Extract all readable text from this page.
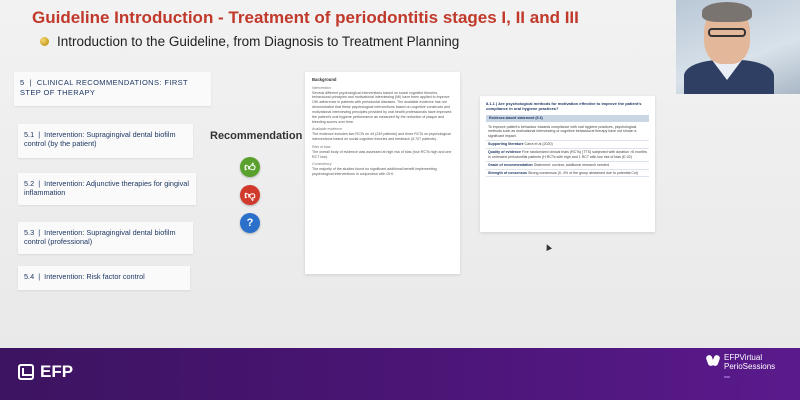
Guideline Introduction - Treatment of periodontitis stages I, II and III
Introduction to the Guideline, from Diagnosis to Treatment Planning
5  |  CLINICAL RECOMMENDATIONS: FIRST STEP OF THERAPY
5.1  |  Intervention: Supragingival dental biofilm control (by the patient)
5.2  |  Intervention: Adjunctive therapies for gingival inflammation
5.3  |  Intervention: Supragingival dental biofilm control (professional)
5.4  |  Intervention: Risk factor control
Recommendation
👍︎
👎︎
?
Background
Intervention
Several different psychological interventions based on social cognitive theories, behavioural principles and motivational interviewing (MI) have been applied to improve OHI adherence in patients with periodontal diseases. The available evidence has not demonstrated that these psychological interventions based on cognitive constructs and motivational interviewing principles provided by oral health professionals have improved the patient's oral hygiene performance as measured by the reduction of plaque and bleeding scores over time.
Available evidence
The evidence includes two RCTs on 44 (249 patients) and three RCTs on psychological interventions based on social cognitive theories and feedback (5,707 patients).
Risk of bias
The overall body of evidence was assessed at high risk of bias (four RCTs high and one RCT low).
Consistency
The majority of the studies found no significant additional benefit implementing psychological interventions in conjunction with OHI.
8.1.1 | Are psychological methods for motivation effective to improve the patient's compliance in oral hygiene practices?
Evidence-based statement (5.3)
To improve patient's behaviour towards compliance with oral hygiene practices, psychological methods such as motivational interviewing or cognitive behavioural therapy have not shown a significant impact.
Supporting literature Carra et al (2020)
Quality of evidence Five randomized clinical trials (RCTs) (TTS) subjected with duration >6 months in untreated periodontitis patients (H RCTs with high and 1 RCT with low risk of bias (E-02)
Grade of recommendation Statement: unclear, additional research needed
Strength of consensus Strong consensus (0, 4% of the group abstained due to potential CoI)
EFP
EFPVirtual
PerioSessions
